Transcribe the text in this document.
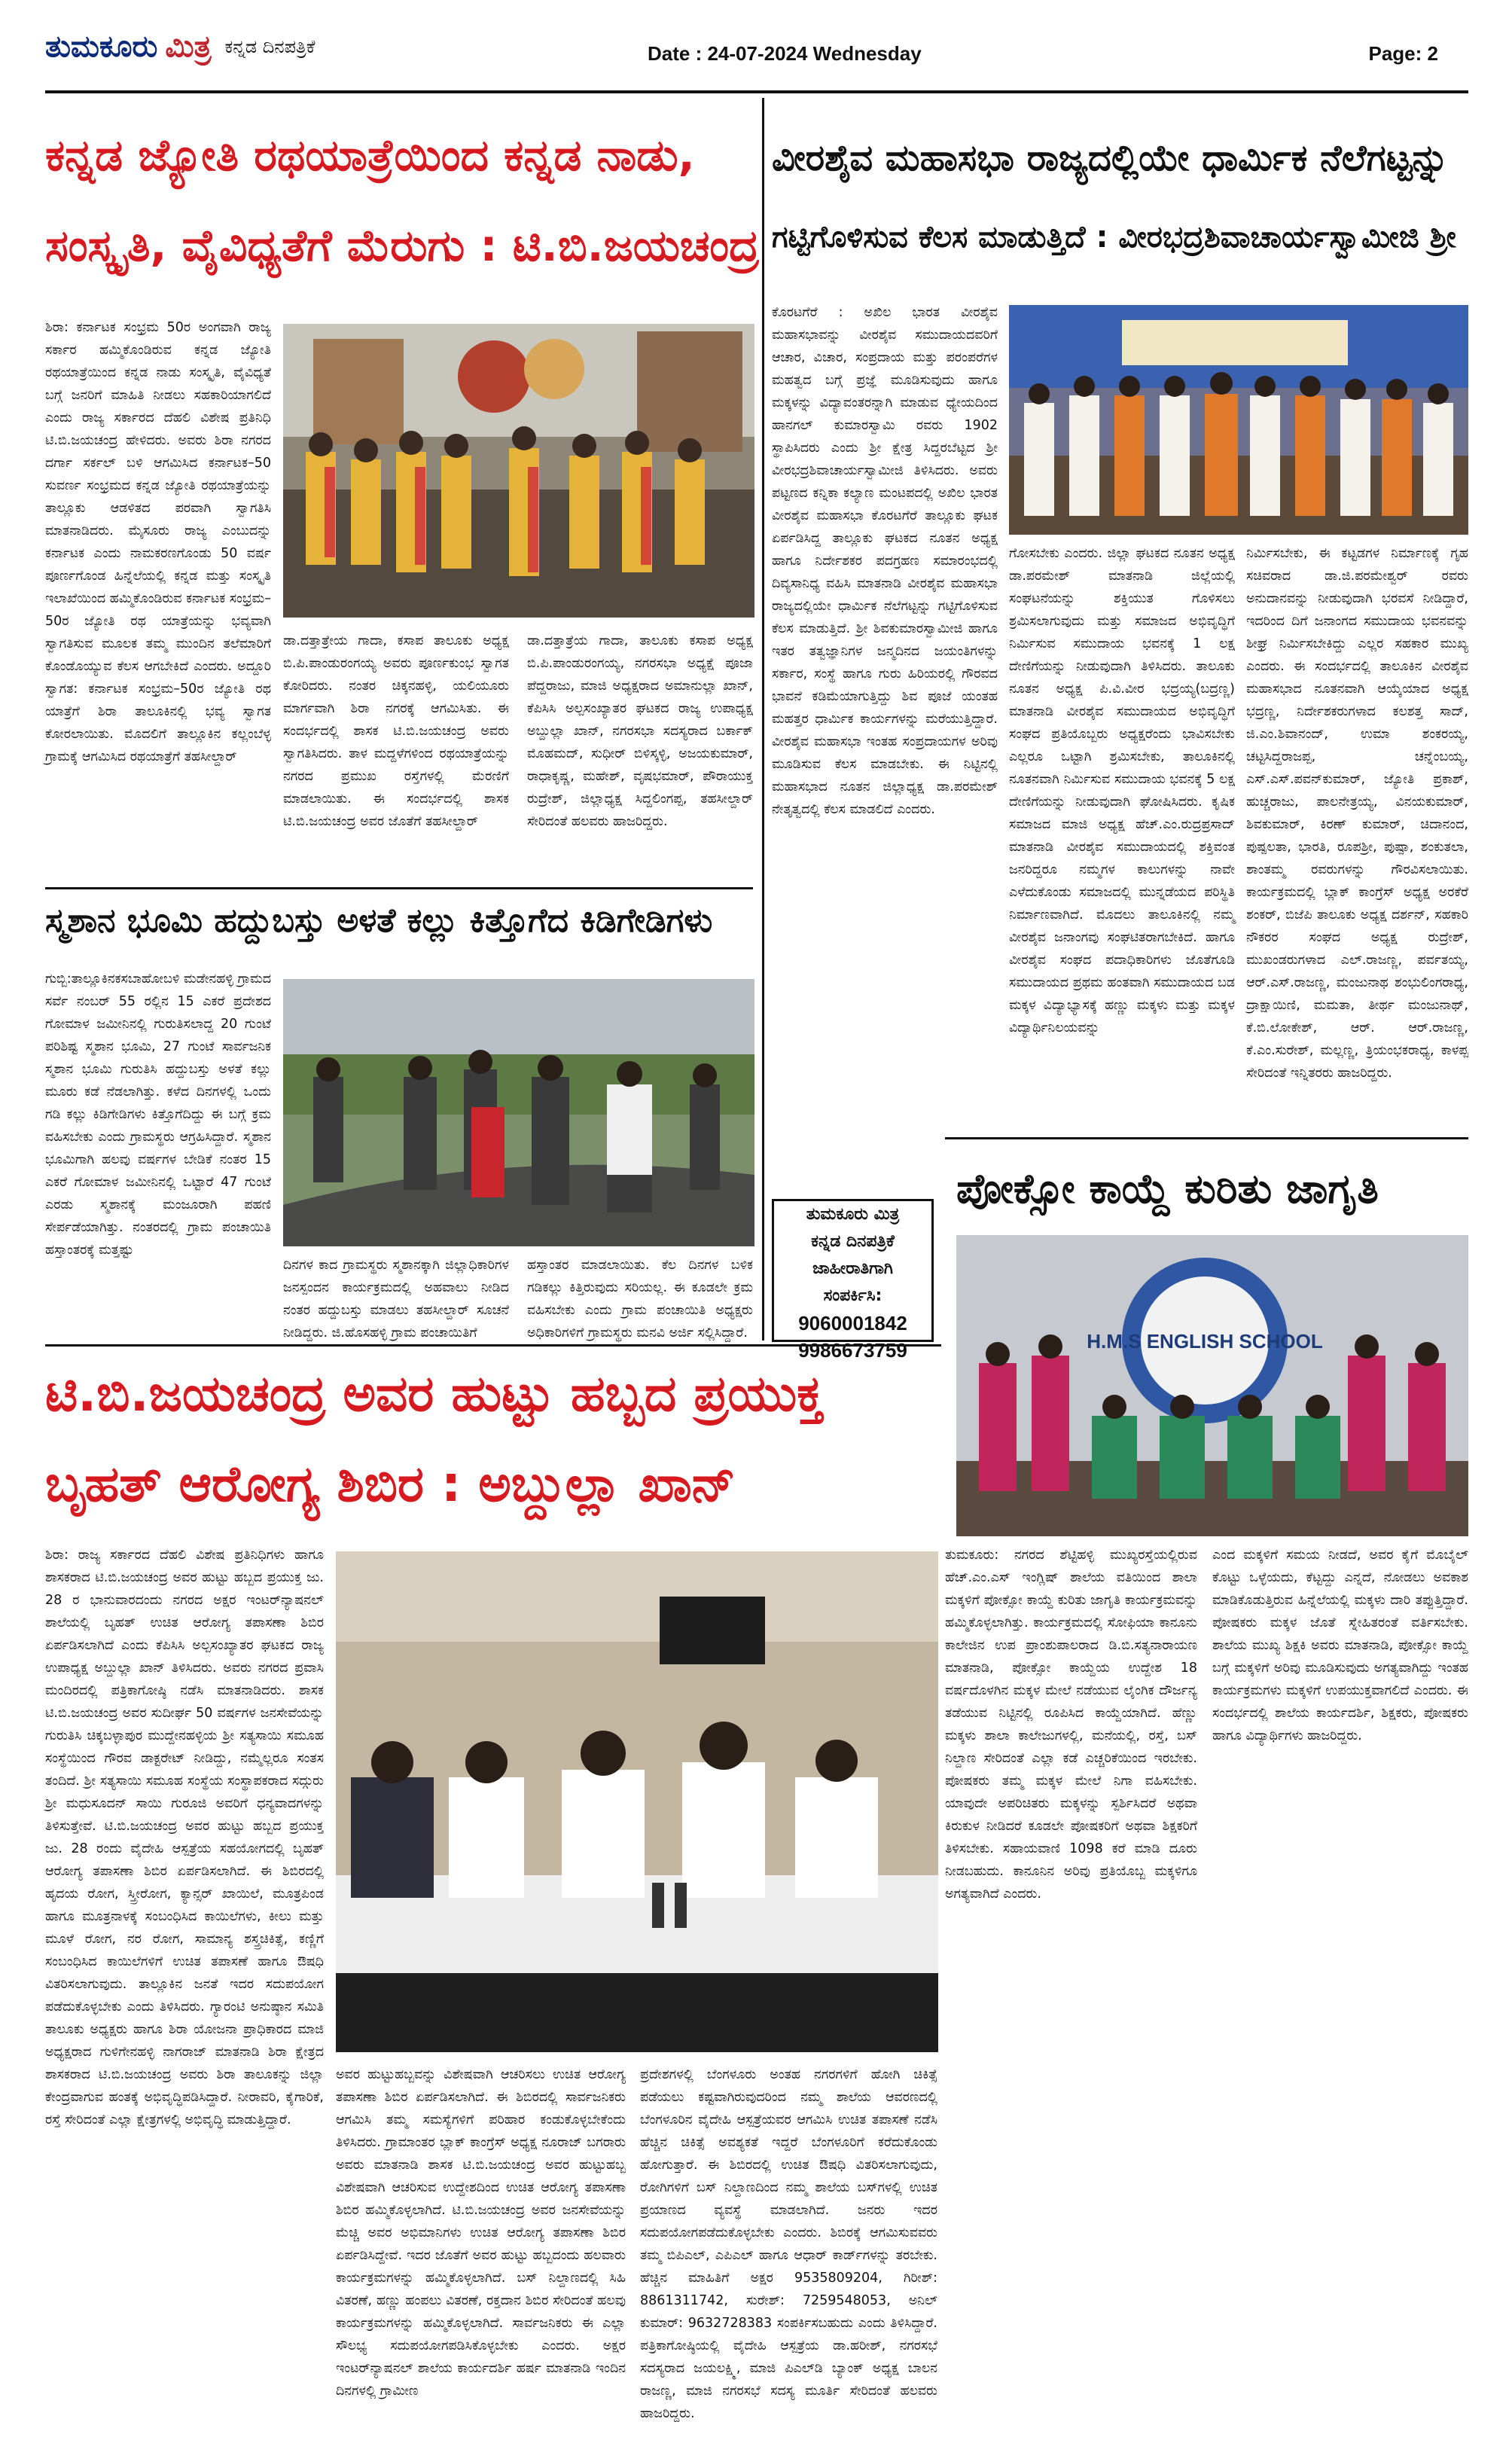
ತುಮಕೂರು ಮಿತ್ರ ಕನ್ನಡ ದಿನಪತ್ರಿಕೆ	Date : 24-07-2024 Wednesday	Page: 2
ಕನ್ನಡ ಜ್ಯೋತಿ ರಥಯಾತ್ರೆಯಿಂದ ಕನ್ನಡ ನಾಡು,
ಸಂಸ್ಕೃತಿ, ವೈವಿಧ್ಯತೆಗೆ ಮೆರುಗು : ಟಿ.ಬಿ.ಜಯಚಂದ್ರ
ಶಿರಾ: ಕರ್ನಾಟಕ ಸಂಭ್ರಮ 50ರ ಅಂಗವಾಗಿ ರಾಜ್ಯ ಸರ್ಕಾರ ಹಮ್ಮಿಕೊಂಡಿರುವ ಕನ್ನಡ ಜ್ಯೋತಿ ರಥಯಾತ್ರೆಯಿಂದ ಕನ್ನಡ ನಾಡು ಸಂಸ್ಕೃತಿ, ವೈವಿಧ್ಯತೆ ಬಗ್ಗೆ ಜನರಿಗೆ ಮಾಹಿತಿ ನೀಡಲು ಸಹಕಾರಿಯಾಗಲಿದೆ ಎಂದು ರಾಜ್ಯ ಸರ್ಕಾರದ ದೆಹಲಿ ವಿಶೇಷ ಪ್ರತಿನಿಧಿ ಟಿ.ಬಿ.ಜಯಚಂದ್ರ ಹೇಳಿದರು. ಅವರು ಶಿರಾ ನಗರದ ದರ್ಗಾ ಸರ್ಕಲ್ ಬಳಿ ಆಗಮಿಸಿದ ಕರ್ನಾಟಕ–50 ಸುವರ್ಣ ಸಂಭ್ರಮದ ಕನ್ನಡ ಜ್ಯೋತಿ ರಥಯಾತ್ರೆಯನ್ನು ತಾಲ್ಲೂಕು ಆಡಳಿತದ ಪರವಾಗಿ ಸ್ವಾಗತಿಸಿ ಮಾತನಾಡಿದರು. ಮೈಸೂರು ರಾಜ್ಯ ಎಂಬುದನ್ನು ಕರ್ನಾಟಕ ಎಂದು ನಾಮಕರಣಗೊಂಡು 50 ವರ್ಷ ಪೂರ್ಣಗೊಂಡ ಹಿನ್ನೆಲೆಯಲ್ಲಿ ಕನ್ನಡ ಮತ್ತು ಸಂಸ್ಕೃತಿ ಇಲಾಖೆಯಿಂದ ಹಮ್ಮಿಕೊಂಡಿರುವ ಕರ್ನಾಟಕ ಸಂಭ್ರಮ–50ರ ಜ್ಯೋತಿ ರಥ ಯಾತ್ರೆಯನ್ನು ಭವ್ಯವಾಗಿ ಸ್ವಾಗತಿಸುವ ಮೂಲಕ ತಮ್ಮ ಮುಂದಿನ ತಲೆಮಾರಿಗೆ ಕೊಂಡೊಯ್ಯುವ ಕೆಲಸ ಆಗಬೇಕಿದೆ ಎಂದರು. ಅದ್ದೂರಿ ಸ್ವಾಗತ: ಕರ್ನಾಟಕ ಸಂಭ್ರಮ–50ರ ಜ್ಯೋತಿ ರಥ ಯಾತ್ರೆಗೆ ಶಿರಾ ತಾಲೂಕಿನಲ್ಲಿ ಭವ್ಯ ಸ್ವಾಗತ ಕೋರಲಾಯಿತು. ಮೊದಲಿಗೆ ತಾಲ್ಲೂಕಿನ ಕಲ್ಲಂಬೆಳ್ಳ ಗ್ರಾಮಕ್ಕೆ ಆಗಮಿಸಿದ ರಥಯಾತ್ರೆಗೆ ತಹಸೀಲ್ದಾರ್
ಡಾ.ದತ್ತಾತ್ರೇಯ ಗಾದಾ, ಕಸಾಪ ತಾಲೂಕು ಅಧ್ಯಕ್ಷ ಬಿ.ಪಿ.ಪಾಂಡುರಂಗಯ್ಯ ಅವರು ಪೂರ್ಣಕುಂಭ ಸ್ವಾಗತ ಕೋರಿದರು. ನಂತರ ಚಿಕ್ಕನಹಳ್ಳಿ, ಯಲಿಯೂರು ಮಾರ್ಗವಾಗಿ ಶಿರಾ ನಗರಕ್ಕೆ ಆಗಮಿಸಿತು. ಈ ಸಂದರ್ಭದಲ್ಲಿ ಶಾಸಕ ಟಿ.ಬಿ.ಜಯಚಂದ್ರ ಅವರು ಸ್ವಾಗತಿಸಿದರು. ತಾಳ ಮದ್ದಳೆಗಳಿಂದ ರಥಯಾತ್ರೆಯನ್ನು ನಗರದ ಪ್ರಮುಖ ರಸ್ತೆಗಳಲ್ಲಿ ಮೆರಣಿಗೆ ಮಾಡಲಾಯಿತು. ಈ ಸಂದರ್ಭದಲ್ಲಿ ಶಾಸಕ ಟಿ.ಬಿ.ಜಯಚಂದ್ರ ಅವರ ಜೊತೆಗೆ ತಹಸೀಲ್ದಾರ್
ಡಾ.ದತ್ತಾತ್ರೆಯ ಗಾದಾ, ತಾಲೂಕು ಕಸಾಪ ಅಧ್ಯಕ್ಷ ಬಿ.ಪಿ.ಪಾಂಡುರಂಗಯ್ಯ, ನಗರಸಭಾ ಅಧ್ಯಕ್ಷೆ ಪೂಜಾ ಪೆದ್ದರಾಜು, ಮಾಜಿ ಅಧ್ಯಕ್ಷರಾದ ಅಮಾನುಲ್ಲಾ ಖಾನ್, ಕೆಪಿಸಿಸಿ ಅಲ್ಪಸಂಖ್ಯಾತರ ಘಟಕದ ರಾಜ್ಯ ಉಪಾಧ್ಯಕ್ಷ ಅಬ್ದುಲ್ಲಾ ಖಾನ್, ನಗರಸಭಾ ಸದಸ್ಯರಾದ ಬರ್ಕಾಕ್ ಮೊಹಮದ್, ಸುಧೀರ್ ಬಿಳಿಸ್ಕಳ್ಳಿ, ಅಜಯಕುಮಾರ್, ರಾಧಾಕೃಷ್ಣ, ಮಹೇಶ್, ವೃಷಭಮಾರ್, ಪೌರಾಯುಕ್ತ ರುದ್ರೇಶ್, ಜಿಲ್ಲಾಧ್ಯಕ್ಷ ಸಿದ್ದಲಿಂಗಪ್ಪ, ತಹಸೀಲ್ದಾರ್ ಸೇರಿದಂತೆ ಹಲವರು ಹಾಜರಿದ್ದರು.
ಸ್ಮಶಾನ ಭೂಮಿ ಹದ್ದುಬಸ್ತು ಅಳತೆ ಕಲ್ಲು ಕಿತ್ತೊಗೆದ ಕಿಡಿಗೇಡಿಗಳು
ಗುಬ್ಬಿ:ತಾಲ್ಲೂಕಿನಕಸಬಾಹೋಬಳಿ ಮಡೇನಹಳ್ಳಿ ಗ್ರಾಮದ ಸರ್ವೆ ನಂಬರ್ 55 ರಲ್ಲಿನ 15 ಎಕರೆ ಪ್ರದೇಶದ ಗೋಮಾಳ ಜಮೀನಿನಲ್ಲಿ ಗುರುತಿಸಲಾದ್ದ 20 ಗುಂಟೆ ಪರಿಶಿಷ್ಟ ಸ್ಮಶಾನ ಭೂಮಿ, 27 ಗುಂಟೆ ಸಾರ್ವಜನಿಕ ಸ್ಮಶಾನ ಭೂಮಿ ಗುರುತಿಸಿ ಹದ್ದುಬಸ್ತು ಅಳತೆ ಕಲ್ಲು ಮೂರು ಕಡೆ ನೆಡಲಾಗಿತ್ತು. ಕಳೆದ ದಿನಗಳಲ್ಲಿ ಒಂದು ಗಡಿ ಕಲ್ಲು ಕಿಡಿಗೇಡಿಗಳು ಕಿತ್ತೊಗೆದಿದ್ದು ಈ ಬಗ್ಗೆ ಕ್ರಮ ವಹಿಸಬೇಕು ಎಂದು ಗ್ರಾಮಸ್ಥರು ಆಗ್ರಹಿಸಿದ್ದಾರೆ. ಸ್ಮಶಾನ ಭೂಮಿಗಾಗಿ ಹಲವು ವರ್ಷಗಳ ಬೇಡಿಕೆ ನಂತರ 15 ಎಕರೆ ಗೋಮಾಳ ಜಮೀನಿನಲ್ಲಿ ಒಟ್ಟಾರೆ 47 ಗುಂಟೆ ಎರಡು ಸ್ಮಶಾನಕ್ಕೆ ಮಂಜೂರಾಗಿ ಪಹಣಿ ಸೇರ್ಪಡೆಯಾಗಿತ್ತು. ನಂತರದಲ್ಲಿ ಗ್ರಾಮ ಪಂಚಾಯಿತಿ ಹಸ್ತಾಂತರಕ್ಕೆ ಮತ್ತಷ್ಟು
ದಿನಗಳ ಕಾದ ಗ್ರಾಮಸ್ಥರು ಸ್ಮಶಾನಕ್ಕಾಗಿ ಜಿಲ್ಲಾಧಿಕಾರಿಗಳ ಜನಸ್ಪಂದನ ಕಾರ್ಯಕ್ರಮದಲ್ಲಿ ಅಹವಾಲು ನೀಡಿದ ನಂತರ ಹದ್ದುಬಸ್ತು ಮಾಡಲು ತಹಸೀಲ್ದಾರ್ ಸೂಚನೆ ನೀಡಿದ್ದರು. ಜಿ.ಹೊಸಹಳ್ಳಿ ಗ್ರಾಮ ಪಂಚಾಯಿತಿಗೆ
ಹಸ್ತಾಂತರ ಮಾಡಲಾಯಿತು. ಕೆಲ ದಿನಗಳ ಬಳಿಕ ಗಡಿಕಲ್ಲು ಕಿತ್ತಿರುವುದು ಸರಿಯಲ್ಲ. ಈ ಕೂಡಲೇ ಕ್ರಮ ವಹಿಸಬೇಕು ಎಂದು ಗ್ರಾಮ ಪಂಚಾಯಿತಿ ಅಧ್ಯಕ್ಷರು ಅಧಿಕಾರಿಗಳಿಗೆ ಗ್ರಾಮಸ್ಥರು ಮನವಿ ಅರ್ಜಿ ಸಲ್ಲಿಸಿದ್ದಾರೆ.
ವೀರಶೈವ ಮಹಾಸಭಾ ರಾಜ್ಯದಲ್ಲಿಯೇ ಧಾರ್ಮಿಕ ನೆಲೆಗಟ್ಟನ್ನು
ಗಟ್ಟಿಗೊಳಿಸುವ ಕೆಲಸ ಮಾಡುತ್ತಿದೆ : ವೀರಭದ್ರಶಿವಾಚಾರ್ಯಸ್ವಾಮೀಜಿ ಶ್ರೀ
ಕೊರಟಗೆರೆ : ಅಖಿಲ ಭಾರತ ವೀರಶೈವ ಮಹಾಸಭಾವನ್ನು ವೀರಶೈವ ಸಮುದಾಯದವರಿಗೆ ಆಚಾರ, ವಿಚಾರ, ಸಂಪ್ರದಾಯ ಮತ್ತು ಪರಂಪರೆಗಳ ಮಹತ್ವದ ಬಗ್ಗೆ ಪ್ರಜ್ಞೆ ಮೂಡಿಸುವುದು ಹಾಗೂ ಮಕ್ಕಳನ್ನು ವಿದ್ಯಾವಂತರನ್ನಾಗಿ ಮಾಡುವ ಧ್ಯೇಯದಿಂದ ಹಾನಗಲ್ ಕುಮಾರಸ್ವಾಮಿ ರವರು 1902 ಸ್ಥಾಪಿಸಿದರು ಎಂದು ಶ್ರೀ ಕ್ಷೇತ್ರ ಸಿದ್ದರಬೆಟ್ಟದ ಶ್ರೀ ವೀರಭದ್ರಶಿವಾಚಾರ್ಯಸ್ವಾಮೀಜಿ ತಿಳಿಸಿದರು. ಅವರು ಪಟ್ಟಣದ ಕನ್ನಿಕಾ ಕಲ್ಯಾಣ ಮಂಟಪದಲ್ಲಿ ಅಖಿಲ ಭಾರತ ವೀರಶೈವ ಮಹಾಸಭಾ ಕೊರಟಗೆರೆ ತಾಲ್ಲೂಕು ಘಟಕ ಏರ್ಪಡಿಸಿದ್ದ ತಾಲ್ಲೂಕು ಘಟಕದ ನೂತನ ಅಧ್ಯಕ್ಷ ಹಾಗೂ ನಿರ್ದೇಶಕರ ಪದಗ್ರಹಣ ಸಮಾರಂಭದಲ್ಲಿ ದಿವ್ಯಸಾನಿಧ್ಯ ವಹಿಸಿ ಮಾತನಾಡಿ ವೀರಶೈವ ಮಹಾಸಭಾ ರಾಜ್ಯದಲ್ಲಿಯೇ ಧಾರ್ಮಿಕ ನೆಲೆಗಟ್ಟನ್ನು ಗಟ್ಟಿಗೊಳಿಸುವ ಕೆಲಸ ಮಾಡುತ್ತಿದೆ. ಶ್ರೀ ಶಿವಕುಮಾರಸ್ವಾಮೀಜಿ ಹಾಗೂ ಇತರ ತತ್ವಜ್ಞಾನಿಗಳ ಜನ್ಮದಿನದ ಜಯಂತಿಗಳನ್ನು ಸರ್ಕಾರ, ಸಂಸ್ಥೆ ಹಾಗೂ ಗುರು ಹಿರಿಯರಲ್ಲಿ ಗೌರವದ ಭಾವನೆ ಕಡಿಮೆಯಾಗುತ್ತಿದ್ದು ಶಿವ ಪೂಜೆ ಯಂತಹ ಮಹತ್ತರ ಧಾರ್ಮಿಕ ಕಾರ್ಯಗಳನ್ನು ಮರೆಯುತ್ತಿದ್ದಾರೆ. ವೀರಶೈವ ಮಹಾಸಭಾ ಇಂತಹ ಸಂಪ್ರದಾಯಗಳ ಅರಿವು ಮೂಡಿಸುವ ಕೆಲಸ ಮಾಡಬೇಕು. ಈ ನಿಟ್ಟಿನಲ್ಲಿ ಮಹಾಸಭಾದ ನೂತನ ಜಿಲ್ಲಾಧ್ಯಕ್ಷ ಡಾ.ಪರಮೇಶ್ ನೇತೃತ್ವದಲ್ಲಿ ಕೆಲಸ ಮಾಡಲಿದೆ ಎಂದರು.
ಗೋಸಬೇಕು ಎಂದರು. ಜಿಲ್ಲಾ ಘಟಕದ ನೂತನ ಅಧ್ಯಕ್ಷ ಡಾ.ಪರಮೇಶ್ ಮಾತನಾಡಿ ಜಿಲ್ಲೆಯಲ್ಲಿ ಸಂಘಟನೆಯನ್ನು ಶಕ್ತಿಯುತ ಗೊಳಿಸಲು ಶ್ರಮಿಸಲಾಗುವುದು ಮತ್ತು ಸಮಾಜದ ಅಭಿವೃದ್ಧಿಗೆ ನಿರ್ಮಿಸುವ ಸಮುದಾಯ ಭವನಕ್ಕೆ 1 ಲಕ್ಷ ದೇಣಿಗೆಯನ್ನು ನೀಡುವುದಾಗಿ ತಿಳಿಸಿದರು. ತಾಲೂಕು ನೂತನ ಅಧ್ಯಕ್ಷ ಪಿ.ವಿ.ವೀರ ಭದ್ರಯ್ಯ(ಬದ್ರಣ್ಣ) ಮಾತನಾಡಿ ವೀರಶೈವ ಸಮುದಾಯದ ಅಭಿವೃದ್ಧಿಗೆ ಸಂಘದ ಪ್ರತಿಯೊಬ್ಬರು ಅಧ್ಯಕ್ಷರೆಂದು ಭಾವಿಸಬೇಕು ಎಲ್ಲರೂ ಒಟ್ಟಾಗಿ ಶ್ರಮಿಸಬೇಕು, ತಾಲೂಕಿನಲ್ಲಿ ನೂತನವಾಗಿ ನಿರ್ಮಿಸುವ ಸಮುದಾಯ ಭವನಕ್ಕೆ 5 ಲಕ್ಷ ದೇಣಿಗೆಯನ್ನು ನೀಡುವುದಾಗಿ ಘೋಷಿಸಿದರು. ಕೃಷಿಕ ಸಮಾಜದ ಮಾಜಿ ಅಧ್ಯಕ್ಷ ಹೆಚ್.ಎಂ.ರುದ್ರಪ್ರಸಾದ್ ಮಾತನಾಡಿ ವೀರಶೈವ ಸಮುದಾಯದಲ್ಲಿ ಶಕ್ತಿವಂತ ಜನರಿದ್ದರೂ ನಮ್ಮಗಳ ಕಾಲುಗಳನ್ನು ನಾವೇ ಎಳೆದುಕೊಂಡು ಸಮಾಜದಲ್ಲಿ ಮುನ್ನಡೆಯದ ಪರಿಸ್ಥಿತಿ ನಿರ್ಮಾಣವಾಗಿದೆ. ಮೊದಲು ತಾಲೂಕಿನಲ್ಲಿ ನಮ್ಮ ವೀರಶೈವ ಜನಾಂಗವು ಸಂಘಟಿತರಾಗಬೇಕಿದೆ. ಹಾಗೂ ವೀರಶೈವ ಸಂಘದ ಪದಾಧಿಕಾರಿಗಳು ಜೊತೆಗೂಡಿ ಸಮುದಾಯದ ಪ್ರಥಮ ಹಂತವಾಗಿ ಸಮುದಾಯದ ಬಡ ಮಕ್ಕಳ ವಿದ್ಯಾಭ್ಯಾಸಕ್ಕೆ ಹಣ್ಣು ಮಕ್ಕಳು ಮತ್ತು ಮಕ್ಕಳ ವಿದ್ಯಾರ್ಥಿನಿಲಯವನ್ನು
ನಿರ್ಮಿಸಬೇಕು, ಈ ಕಟ್ಟಡಗಳ ನಿರ್ಮಾಣಕ್ಕೆ ಗೃಹ ಸಚಿವರಾದ ಡಾ.ಜಿ.ಪರಮೇಶ್ವರ್ ರವರು ಅನುದಾನವನ್ನು ನೀಡುವುದಾಗಿ ಭರವಸೆ ನೀಡಿದ್ದಾರೆ, ಇದರಿಂದ ದಿಗೆ ಜನಾಂಗದ ಸಮುದಾಯ ಭವನವನ್ನು ಶೀಘ್ರ ನಿರ್ಮಿಸಬೇಕಿದ್ದು ಎಲ್ಲರ ಸಹಕಾರ ಮುಖ್ಯ ಎಂದರು. ಈ ಸಂದರ್ಭದಲ್ಲಿ ತಾಲೂಕಿನ ವೀರಶೈವ ಮಹಾಸಭಾದ ನೂತನವಾಗಿ ಆಯ್ಕೆಯಾದ ಅಧ್ಯಕ್ಷ ಭದ್ರಣ್ಣ, ನಿರ್ದೇಶಕರುಗಳಾದ ಕಲಶತ್ತ ಸಾದ್, ಜಿ.ಎಂ.ಶಿವಾನಂದ್, ಉಮಾ ಶಂಕರಯ್ಯ, ಚಟ್ಟಸಿದ್ದರಾಜಪ್ಪ, ಚನ್ನೆಂಬಯ್ಯ, ಎಸ್.ಎಸ್.ಪವನ್‌ಕುಮಾರ್, ಜ್ಯೋತಿ ಪ್ರಕಾಶ್, ಹುಚ್ಚರಾಜು, ಪಾಲನೇತ್ರಯ್ಯ, ವಿನಯಕುಮಾರ್, ಶಿವಕುಮಾರ್, ಕಿರಣ್ ಕುಮಾರ್, ಚಿದಾನಂದ, ಪುಷ್ಪಲತಾ, ಭಾರತಿ, ರೂಪಶ್ರೀ, ಪುಷ್ಪಾ, ಶಂಕುತಲಾ, ಶಾಂತಮ್ಮ ರವರುಗಳನ್ನು ಗೌರವಿಸಲಾಯಿತು. ಕಾರ್ಯಕ್ರಮದಲ್ಲಿ ಬ್ಲಾಕ್ ಕಾಂಗ್ರೆಸ್ ಅಧ್ಯಕ್ಷ ಅರಕೆರೆ ಶಂಕರ್, ಬಿಜೆಪಿ ತಾಲೂಕು ಅಧ್ಯಕ್ಷ ದರ್ಶನ್, ಸಹಕಾರಿ ನೌಕರರ ಸಂಘದ ಅಧ್ಯಕ್ಷ ರುದ್ರೇಶ್, ಮುಖಂಡರುಗಳಾದ ಎಲ್.ರಾಜಣ್ಣ, ಪರ್ವತಯ್ಯ, ಆರ್.ಎಸ್.ರಾಜಣ್ಣ, ಮಂಜುನಾಥ ಶಂಭುಲಿಂಗರಾಧ್ಯ, ದ್ರಾಕ್ಷಾಯಿಣಿ, ಮಮತಾ, ತೀರ್ಥ ಮಂಜುನಾಥ್, ಕೆ.ಬಿ.ಲೋಕೇಶ್, ಆರ್. ಆರ್.ರಾಜಣ್ಣ, ಕೆ.ಎಂ.ಸುರೇಶ್, ಮಲ್ಲಣ್ಣ, ತ್ರಿಯಂಭಕರಾಧ್ಯ, ಕಾಳಪ್ಪ ಸೇರಿದಂತೆ ಇನ್ನಿತರರು ಹಾಜರಿದ್ದರು.
ತುಮಕೂರು ಮಿತ್ರ
ಕನ್ನಡ ದಿನಪತ್ರಿಕೆ
ಜಾಹೀರಾತಿಗಾಗಿ
ಸಂಪರ್ಕಿಸಿ:
9060001842
9986673759
ಪೋಕ್ಸೋ ಕಾಯ್ದೆ ಕುರಿತು ಜಾಗೃತಿ
H.M.S ENGLISH SCHOOL
ತುಮಕೂರು: ನಗರದ ಶೆಟ್ಟಿಹಳ್ಳಿ ಮುಖ್ಯರಸ್ತೆಯಲ್ಲಿರುವ ಹೆಚ್.ಎಂ.ಎಸ್ ಇಂಗ್ಲಿಷ್ ಶಾಲೆಯ ವತಿಯಿಂದ ಶಾಲಾ ಮಕ್ಕಳಿಗೆ ಪೋಕ್ಸೋ ಕಾಯ್ದೆ ಕುರಿತು ಜಾಗೃತಿ ಕಾರ್ಯಕ್ರಮವನ್ನು ಹಮ್ಮಿಕೊಳ್ಳಲಾಗಿತ್ತು. ಕಾರ್ಯಕ್ರಮದಲ್ಲಿ ಸೋಫಿಯಾ ಕಾನೂನು ಕಾಲೇಜಿನ ಉಪ ಪ್ರಾಂಶುಪಾಲರಾದ ಡಿ.ಬಿ.ಸತ್ಯನಾರಾಯಣ ಮಾತನಾಡಿ, ಪೋಕ್ಸೋ ಕಾಯ್ದೆಯ ಉದ್ದೇಶ 18 ವರ್ಷದೊಳಗಿನ ಮಕ್ಕಳ ಮೇಲೆ ನಡೆಯುವ ಲೈಂಗಿಕ ದೌರ್ಜನ್ಯ ತಡೆಯುವ ನಿಟ್ಟಿನಲ್ಲಿ ರೂಪಿಸಿದ ಕಾಯ್ದೆಯಾಗಿದೆ. ಹೆಣ್ಣು ಮಕ್ಕಳು ಶಾಲಾ ಕಾಲೇಜುಗಳಲ್ಲಿ, ಮನೆಯಲ್ಲಿ, ರಸ್ತೆ, ಬಸ್ ನಿಲ್ದಾಣ ಸೇರಿದಂತೆ ಎಲ್ಲಾ ಕಡೆ ಎಚ್ಚರಿಕೆಯಿಂದ ಇರಬೇಕು. ಪೋಷಕರು ತಮ್ಮ ಮಕ್ಕಳ ಮೇಲೆ ನಿಗಾ ವಹಿಸಬೇಕು. ಯಾವುದೇ ಅಪರಿಚಿತರು ಮಕ್ಕಳನ್ನು ಸ್ಪರ್ಶಿಸಿದರೆ ಅಥವಾ ಕಿರುಕುಳ ನೀಡಿದರೆ ಕೂಡಲೇ ಪೋಷಕರಿಗೆ ಅಥವಾ ಶಿಕ್ಷಕರಿಗೆ ತಿಳಿಸಬೇಕು. ಸಹಾಯವಾಣಿ 1098 ಕರೆ ಮಾಡಿ ದೂರು ನೀಡಬಹುದು. ಕಾನೂನಿನ ಅರಿವು ಪ್ರತಿಯೊಬ್ಬ ಮಕ್ಕಳಿಗೂ ಅಗತ್ಯವಾಗಿದೆ ಎಂದರು.
ಎಂದ ಮಕ್ಕಳಿಗೆ ಸಮಯ ನೀಡದೆ, ಅವರ ಕೈಗೆ ಮೊಬೈಲ್ ಕೊಟ್ಟು ಒಳ್ಳೆಯದು, ಕೆಟ್ಟದ್ದು ಎನ್ನದೆ, ನೋಡಲು ಅವಕಾಶ ಮಾಡಿಕೊಡುತ್ತಿರುವ ಹಿನ್ನೆಲೆಯಲ್ಲಿ ಮಕ್ಕಳು ದಾರಿ ತಪ್ಪುತ್ತಿದ್ದಾರೆ. ಪೋಷಕರು ಮಕ್ಕಳ ಜೊತೆ ಸ್ನೇಹಿತರಂತೆ ವರ್ತಿಸಬೇಕು. ಶಾಲೆಯ ಮುಖ್ಯ ಶಿಕ್ಷಕಿ ಅವರು ಮಾತನಾಡಿ, ಪೋಕ್ಸೋ ಕಾಯ್ದೆ ಬಗ್ಗೆ ಮಕ್ಕಳಿಗೆ ಅರಿವು ಮೂಡಿಸುವುದು ಅಗತ್ಯವಾಗಿದ್ದು ಇಂತಹ ಕಾರ್ಯಕ್ರಮಗಳು ಮಕ್ಕಳಿಗೆ ಉಪಯುಕ್ತವಾಗಲಿದೆ ಎಂದರು. ಈ ಸಂದರ್ಭದಲ್ಲಿ ಶಾಲೆಯ ಕಾರ್ಯದರ್ಶಿ, ಶಿಕ್ಷಕರು, ಪೋಷಕರು ಹಾಗೂ ವಿದ್ಯಾರ್ಥಿಗಳು ಹಾಜರಿದ್ದರು.
ಟಿ.ಬಿ.ಜಯಚಂದ್ರ ಅವರ ಹುಟ್ಟು ಹಬ್ಬದ ಪ್ರಯುಕ್ತ
ಬೃಹತ್ ಆರೋಗ್ಯ ಶಿಬಿರ : ಅಬ್ದುಲ್ಲಾ ಖಾನ್
ಶಿರಾ: ರಾಜ್ಯ ಸರ್ಕಾರದ ದೆಹಲಿ ವಿಶೇಷ ಪ್ರತಿನಿಧಿಗಳು ಹಾಗೂ ಶಾಸಕರಾದ ಟಿ.ಬಿ.ಜಯಚಂದ್ರ ಅವರ ಹುಟ್ಟು ಹಬ್ಬದ ಪ್ರಯುಕ್ತ ಜು. 28 ರ ಭಾನುವಾರದಂದು ನಗರದ ಅಕ್ಷರ ಇಂಟರ್‌ನ್ಯಾಷನಲ್ ಶಾಲೆಯಲ್ಲಿ ಬೃಹತ್ ಉಚಿತ ಆರೋಗ್ಯ ತಪಾಸಣಾ ಶಿಬಿರ ಏರ್ಪಡಿಸಲಾಗಿದೆ ಎಂದು ಕೆಪಿಸಿಸಿ ಅಲ್ಪಸಂಖ್ಯಾತರ ಘಟಕದ ರಾಜ್ಯ ಉಪಾಧ್ಯಕ್ಷ ಅಬ್ದುಲ್ಲಾ ಖಾನ್ ತಿಳಿಸಿದರು. ಅವರು ನಗರದ ಪ್ರವಾಸಿ ಮಂದಿರದಲ್ಲಿ ಪತ್ರಿಕಾಗೋಷ್ಠಿ ನಡೆಸಿ ಮಾತನಾಡಿದರು. ಶಾಸಕ ಟಿ.ಬಿ.ಜಯಚಂದ್ರ ಅವರ ಸುದೀರ್ಘ 50 ವರ್ಷಗಳ ಜನಸೇವೆಯನ್ನು ಗುರುತಿಸಿ ಚಿಕ್ಕಬಳ್ಳಾಪುರ ಮುದ್ದೇನಹಳ್ಳಿಯ ಶ್ರೀ ಸತ್ಯಸಾಯಿ ಸಮೂಹ ಸಂಸ್ಥೆಯಿಂದ ಗೌರವ ಡಾಕ್ಟರೇಟ್ ನೀಡಿದ್ದು, ನಮ್ಮೆಲ್ಲರೂ ಸಂತಸ ತಂದಿದೆ. ಶ್ರೀ ಸತ್ಯಸಾಯಿ ಸಮೂಹ ಸಂಸ್ಥೆಯ ಸಂಸ್ಥಾಪಕರಾದ ಸದ್ಗುರು ಶ್ರೀ ಮಧುಸೂದನ್ ಸಾಯಿ ಗುರೂಜಿ ಅವರಿಗೆ ಧನ್ಯವಾದಗಳನ್ನು ತಿಳಿಸುತ್ತೇವೆ. ಟಿ.ಬಿ.ಜಯಚಂದ್ರ ಅವರ ಹುಟ್ಟು ಹಬ್ಬದ ಪ್ರಯುಕ್ತ ಜು. 28 ರಂದು ವೈದೇಹಿ ಆಸ್ಪತ್ರೆಯ ಸಹಯೋಗದಲ್ಲಿ ಬೃಹತ್ ಆರೋಗ್ಯ ತಪಾಸಣಾ ಶಿಬಿರ ಏರ್ಪಡಿಸಲಾಗಿದೆ. ಈ ಶಿಬಿರದಲ್ಲಿ ಹೃದಯ ರೋಗ, ಸ್ತ್ರೀರೋಗ, ಕ್ಯಾನ್ಸರ್ ಖಾಯಿಲೆ, ಮೂತ್ರಪಿಂಡ ಹಾಗೂ ಮೂತ್ರನಾಳಕ್ಕೆ ಸಂಬಂಧಿಸಿದ ಕಾಯಿಲೆಗಳು, ಕೀಲು ಮತ್ತು ಮೂಳೆ ರೋಗ, ನರ ರೋಗ, ಸಾಮಾನ್ಯ ಶಸ್ತ್ರಚಿಕಿತ್ಸೆ, ಕಣ್ಣಿಗೆ ಸಂಬಂಧಿಸಿದ ಕಾಯಿಲೆಗಳಿಗೆ ಉಚಿತ ತಪಾಸಣೆ ಹಾಗೂ ಔಷಧಿ ವಿತರಿಸಲಾಗುವುದು. ತಾಲ್ಲೂಕಿನ ಜನತೆ ಇದರ ಸದುಪಯೋಗ ಪಡೆದುಕೊಳ್ಳಬೇಕು ಎಂದು ತಿಳಿಸಿದರು. ಗ್ಯಾರಂಟಿ ಅನುಷ್ಠಾನ ಸಮಿತಿ ತಾಲೂಕು ಅಧ್ಯಕ್ಷರು ಹಾಗೂ ಶಿರಾ ಯೋಜನಾ ಪ್ರಾಧಿಕಾರದ ಮಾಜಿ ಅಧ್ಯಕ್ಷರಾದ ಗುಳಿಗೇನಹಳ್ಳಿ ನಾಗರಾಜ್ ಮಾತನಾಡಿ ಶಿರಾ ಕ್ಷೇತ್ರದ ಶಾಸಕರಾದ ಟಿ.ಬಿ.ಜಯಚಂದ್ರ ಅವರು ಶಿರಾ ತಾಲೂಕನ್ನು ಜಿಲ್ಲಾ ಕೇಂದ್ರವಾಗುವ ಹಂತಕ್ಕೆ ಅಭಿವೃದ್ಧಿಪಡಿಸಿದ್ದಾರೆ. ನೀರಾವರಿ, ಕೈಗಾರಿಕೆ, ರಸ್ತೆ ಸೇರಿದಂತೆ ಎಲ್ಲಾ ಕ್ಷೇತ್ರಗಳಲ್ಲಿ ಅಭಿವೃದ್ಧಿ ಮಾಡುತ್ತಿದ್ದಾರೆ.
ಅವರ ಹುಟ್ಟುಹಬ್ಬವನ್ನು ವಿಶೇಷವಾಗಿ ಆಚರಿಸಲು ಉಚಿತ ಆರೋಗ್ಯ ತಪಾಸಣಾ ಶಿಬಿರ ಏರ್ಪಡಿಸಲಾಗಿದೆ. ಈ ಶಿಬಿರದಲ್ಲಿ ಸಾರ್ವಜನಿಕರು ಆಗಮಿಸಿ ತಮ್ಮ ಸಮಸ್ಯೆಗಳಿಗೆ ಪರಿಹಾರ ಕಂಡುಕೊಳ್ಳಬೇಕೆಂದು ತಿಳಿಸಿದರು. ಗ್ರಾಮಾಂತರ ಬ್ಲಾಕ್ ಕಾಂಗ್ರೆಸ್ ಅಧ್ಯಕ್ಷ ನೂರಾಜ್ ಬಗರಾರು ಅವರು ಮಾತನಾಡಿ ಶಾಸಕ ಟಿ.ಬಿ.ಜಯಚಂದ್ರ ಅವರ ಹುಟ್ಟುಹಬ್ಬ ವಿಶೇಷವಾಗಿ ಆಚರಿಸುವ ಉದ್ದೇಶದಿಂದ ಉಚಿತ ಆರೋಗ್ಯ ತಪಾಸಣಾ ಶಿಬಿರ ಹಮ್ಮಿಕೊಳ್ಳಲಾಗಿದೆ. ಟಿ.ಬಿ.ಜಯಚಂದ್ರ ಅವರ ಜನಸೇವೆಯನ್ನು ಮೆಚ್ಚಿ ಅವರ ಅಭಿಮಾನಿಗಳು ಉಚಿತ ಆರೋಗ್ಯ ತಪಾಸಣಾ ಶಿಬಿರ ಏರ್ಪಡಿಸಿದ್ದೇವೆ. ಇದರ ಜೊತೆಗೆ ಅವರ ಹುಟ್ಟು ಹಬ್ಬದಂದು ಹಲವಾರು ಕಾರ್ಯಕ್ರಮಗಳನ್ನು ಹಮ್ಮಿಕೊಳ್ಳಲಾಗಿದೆ. ಬಸ್ ನಿಲ್ದಾಣದಲ್ಲಿ ಸಿಹಿ ವಿತರಣೆ, ಹಣ್ಣು ಹಂಪಲು ವಿತರಣೆ, ರಕ್ತದಾನ ಶಿಬಿರ ಸೇರಿದಂತೆ ಹಲವು ಕಾರ್ಯಕ್ರಮಗಳನ್ನು ಹಮ್ಮಿಕೊಳ್ಳಲಾಗಿದೆ. ಸಾರ್ವಜನಿಕರು ಈ ಎಲ್ಲಾ ಸೌಲಭ್ಯ ಸದುಪಯೋಗಪಡಿಸಿಕೊಳ್ಳಬೇಕು ಎಂದರು. ಅಕ್ಷರ ಇಂಟರ್‌ನ್ಯಾಷನಲ್ ಶಾಲೆಯ ಕಾರ್ಯದರ್ಶಿ ಹರ್ಷ ಮಾತನಾಡಿ ಇಂದಿನ ದಿನಗಳಲ್ಲಿ ಗ್ರಾಮೀಣ
ಪ್ರದೇಶಗಳಲ್ಲಿ ಬೆಂಗಳೂರು ಅಂತಹ ನಗರಗಳಿಗೆ ಹೋಗಿ ಚಿಕಿತ್ಸೆ ಪಡೆಯಲು ಕಷ್ಟವಾಗಿರುವುದರಿಂದ ನಮ್ಮ ಶಾಲೆಯ ಆವರಣದಲ್ಲಿ ಬೆಂಗಳೂರಿನ ವೈದೇಹಿ ಆಸ್ಪತ್ರೆಯವರ ಆಗಮಿಸಿ ಉಚಿತ ತಪಾಸಣೆ ನಡೆಸಿ ಹೆಚ್ಚಿನ ಚಿಕಿತ್ಸೆ ಅವಶ್ಯಕತೆ ಇದ್ದರೆ ಬೆಂಗಳೂರಿಗೆ ಕರೆದುಕೊಂಡು ಹೋಗುತ್ತಾರೆ. ಈ ಶಿಬಿರದಲ್ಲಿ ಉಚಿತ ಔಷಧಿ ವಿತರಿಸಲಾಗುವುದು, ರೋಗಿಗಳಿಗೆ ಬಸ್ ನಿಲ್ದಾಣದಿಂದ ನಮ್ಮ ಶಾಲೆಯ ಬಸ್‌ಗಳಲ್ಲಿ ಉಚಿತ ಪ್ರಯಾಣದ ವ್ಯವಸ್ಥೆ ಮಾಡಲಾಗಿದೆ. ಜನರು ಇದರ ಸದುಪಯೋಗಪಡೆದುಕೊಳ್ಳಬೇಕು ಎಂದರು. ಶಿಬಿರಕ್ಕೆ ಆಗಮಿಸುವವರು ತಮ್ಮ ಬಿಪಿಎಲ್, ಎಪಿಎಲ್ ಹಾಗೂ ಆಧಾರ್ ಕಾರ್ಡ್‌ಗಳನ್ನು ತರಬೇಕು. ಹೆಚ್ಚಿನ ಮಾಹಿತಿಗೆ ಅಕ್ಷರ 9535809204, ಗಿರೀಶ್: 8861311742, ಸುರೇಶ್: 7259548053, ಅನಿಲ್ ಕುಮಾರ್: 9632728383 ಸಂಪರ್ಕಿಸಬಹುದು ಎಂದು ತಿಳಿಸಿದ್ದಾರೆ. ಪತ್ರಿಕಾಗೋಷ್ಠಿಯಲ್ಲಿ ವೈದೇಹಿ ಆಸ್ಪತ್ರೆಯ ಡಾ.ಹರೀಶ್, ನಗರಸಭೆ ಸದಸ್ಯರಾದ ಜಯಲಕ್ಷ್ಮಿ, ಮಾಜಿ ಪಿಎಲ್‌ಡಿ ಬ್ಯಾಂಕ್ ಅಧ್ಯಕ್ಷ ಬಾಲನ ರಾಜಣ್ಣ, ಮಾಜಿ ನಗರಸಭೆ ಸದಸ್ಯ ಮೂರ್ತಿ ಸೇರಿದಂತೆ ಹಲವರು ಹಾಜರಿದ್ದರು.
